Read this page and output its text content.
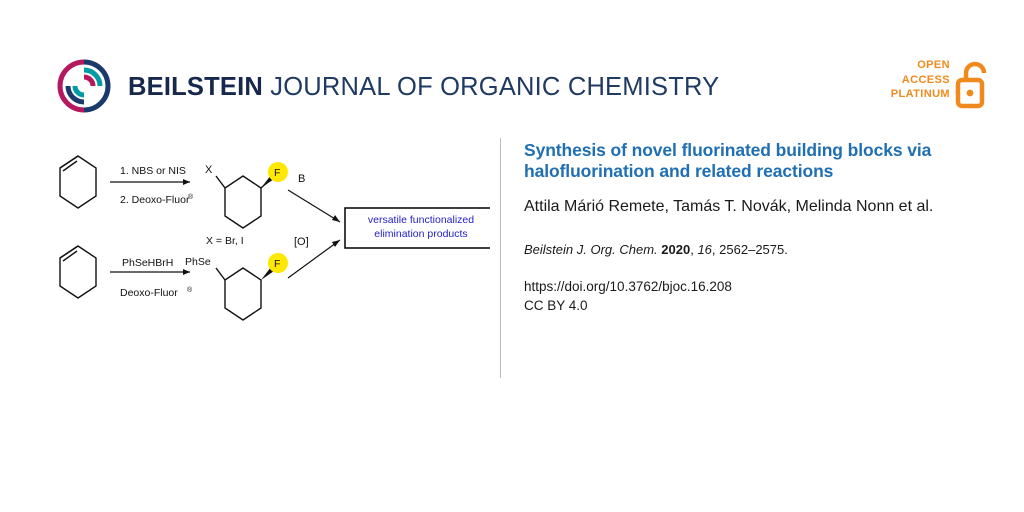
BEILSTEIN JOURNAL OF ORGANIC CHEMISTRY
OPEN
ACCESS
PLATINUM
1. NBS or NIS
2. Deoxo-Fluor
®
X	F
X = Br, I
PhSeHBrH
Deoxo-Fluor ®
PhSe	F
B
[O]
versatile functionalized
elimination products
Synthesis of novel fluorinated building blocks via halofluorination and related reactions
Attila Márió Remete, Tamás T. Novák, Melinda Nonn et al.
Beilstein J. Org. Chem. 2020, 16, 2562–2575.
https://doi.org/10.3762/bjoc.16.208
CC BY 4.0
